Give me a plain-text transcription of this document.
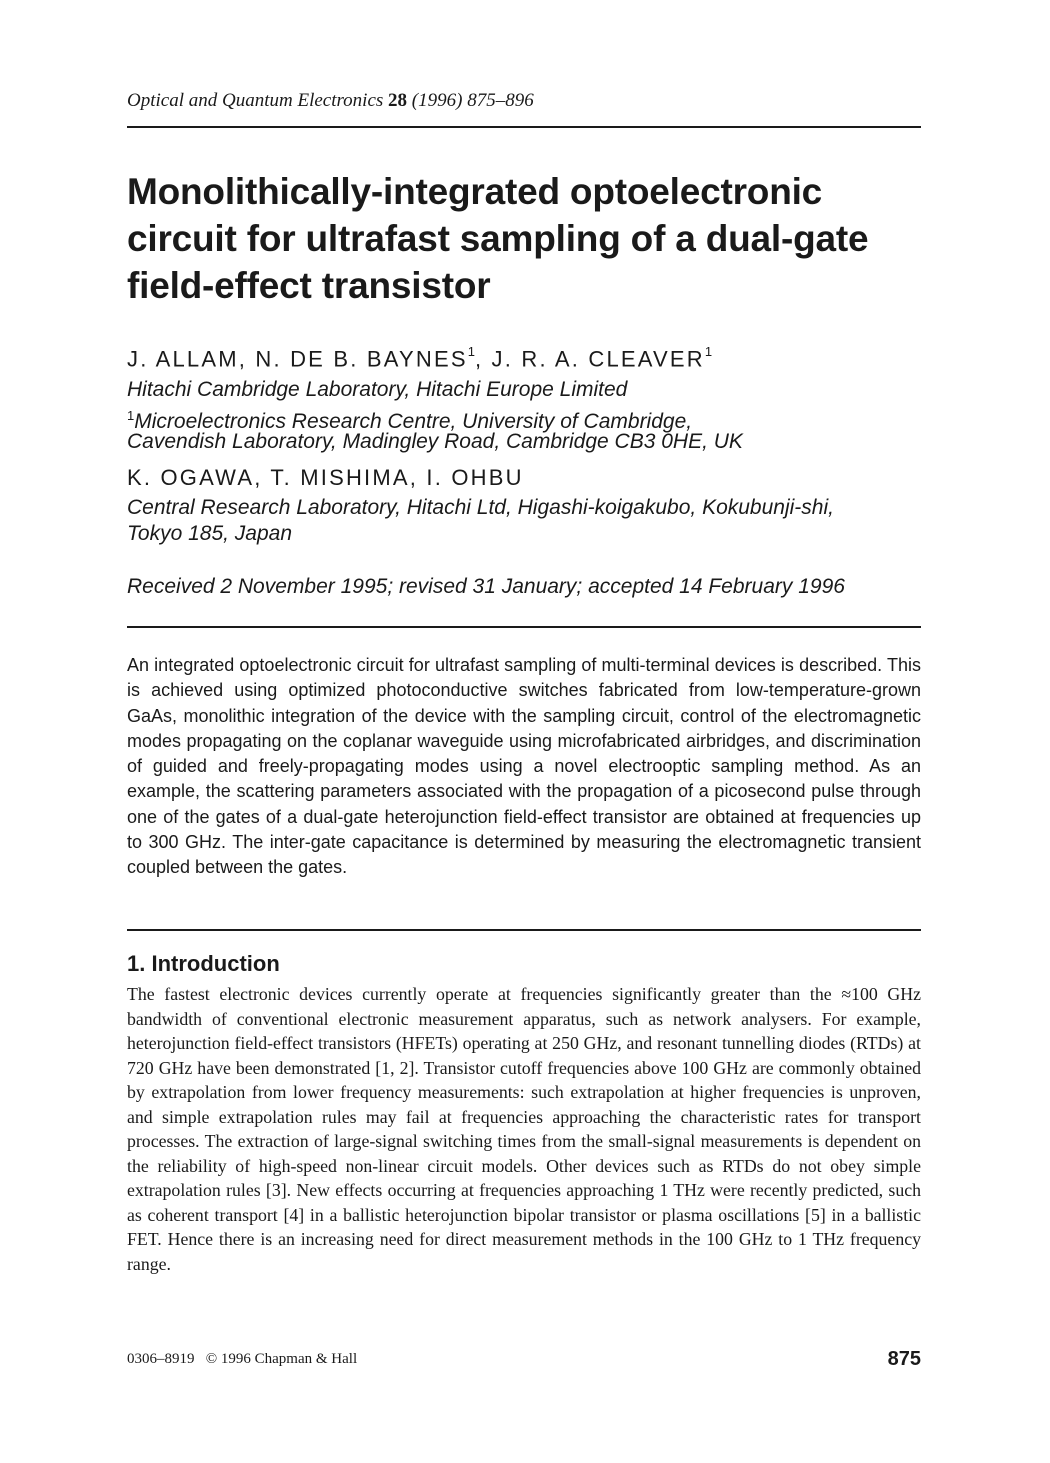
Optical and Quantum Electronics 28 (1996) 875–896
Monolithically-integrated optoelectronic circuit for ultrafast sampling of a dual-gate field-effect transistor
J. ALLAM, N. DE B. BAYNES$^1$, J. R. A. CLEAVER$^1$
Hitachi Cambridge Laboratory, Hitachi Europe Limited
$^1$Microelectronics Research Centre, University of Cambridge,
Cavendish Laboratory, Madingley Road, Cambridge CB3 0HE, UK
K. OGAWA, T. MISHIMA, I. OHBU
Central Research Laboratory, Hitachi Ltd, Higashi-koigakubo, Kokubunji-shi,
Tokyo 185, Japan
Received 2 November 1995; revised 31 January; accepted 14 February 1996
An integrated optoelectronic circuit for ultrafast sampling of multi-terminal devices is described. This is achieved using optimized photoconductive switches fabricated from low-temperature-grown GaAs, monolithic integration of the device with the sampling circuit, control of the electromagnetic modes propagating on the coplanar waveguide using microfabricated airbridges, and discrimination of guided and freely-propagating modes using a novel electrooptic sampling method. As an example, the scattering parameters associated with the propagation of a picosecond pulse through one of the gates of a dual-gate heterojunction field-effect transistor are obtained at frequencies up to 300 GHz. The inter-gate capacitance is determined by measuring the electromagnetic transient coupled between the gates.
1. Introduction
The fastest electronic devices currently operate at frequencies significantly greater than the ≈100 GHz bandwidth of conventional electronic measurement apparatus, such as network analysers. For example, heterojunction field-effect transistors (HFETs) operating at 250 GHz, and resonant tunnelling diodes (RTDs) at 720 GHz have been demonstrated [1, 2]. Transistor cutoff frequencies above 100 GHz are commonly obtained by extrapolation from lower frequency measurements: such extrapolation at higher frequencies is unproven, and simple extrapolation rules may fail at frequencies approaching the characteristic rates for transport processes. The extraction of large-signal switching times from the small-signal measurements is dependent on the reliability of high-speed non-linear circuit models. Other devices such as RTDs do not obey simple extrapolation rules [3]. New effects occurring at frequencies approaching 1 THz were recently predicted, such as coherent transport [4] in a ballistic heterojunction bipolar transistor or plasma oscillations [5] in a ballistic FET. Hence there is an increasing need for direct measurement methods in the 100 GHz to 1 THz frequency range.
0306–8919 © 1996 Chapman & Hall	875
